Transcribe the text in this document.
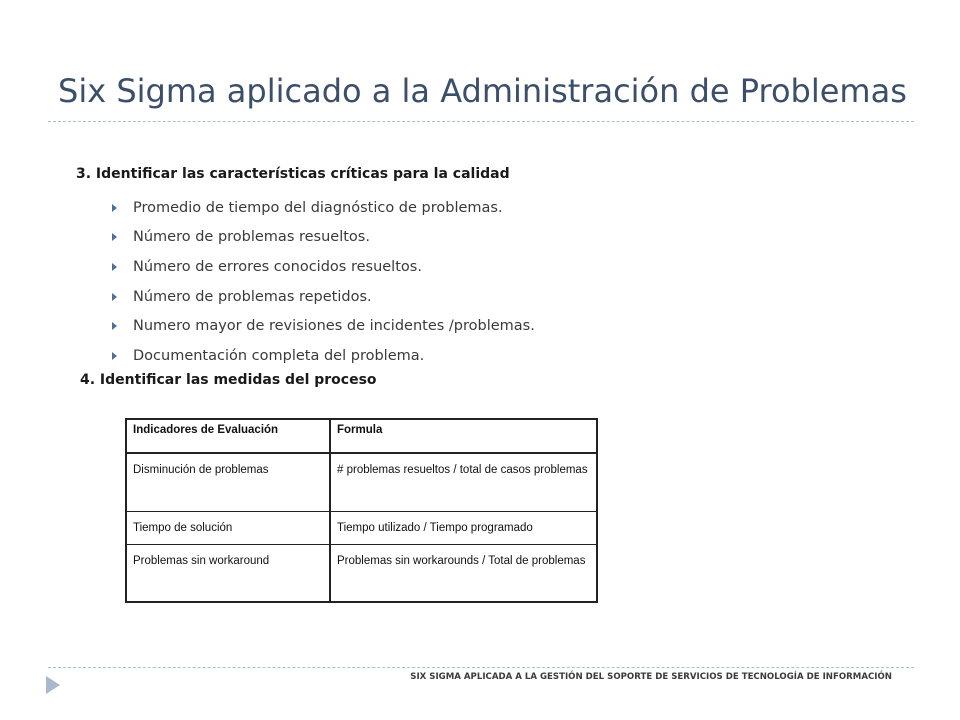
Six Sigma aplicado a la Administración de Problemas
3. Identificar las características críticas para la calidad
Promedio de tiempo del diagnóstico de problemas.
Número de problemas resueltos.
Número de errores conocidos resueltos.
Número de problemas repetidos.
Numero mayor de revisiones de incidentes /problemas.
Documentación completa del problema.
4. Identificar las medidas del proceso
Indicadores de Evaluación	Formula
Disminución de problemas	# problemas resueltos / total de casos problemas
Tiempo de solución	Tiempo utilizado / Tiempo programado
Problemas sin workaround	Problemas sin workarounds / Total de problemas
SIX SIGMA APLICADA A LA GESTIÓN DEL SOPORTE DE SERVICIOS DE TECNOLOGÍA DE INFORMACIÓN
